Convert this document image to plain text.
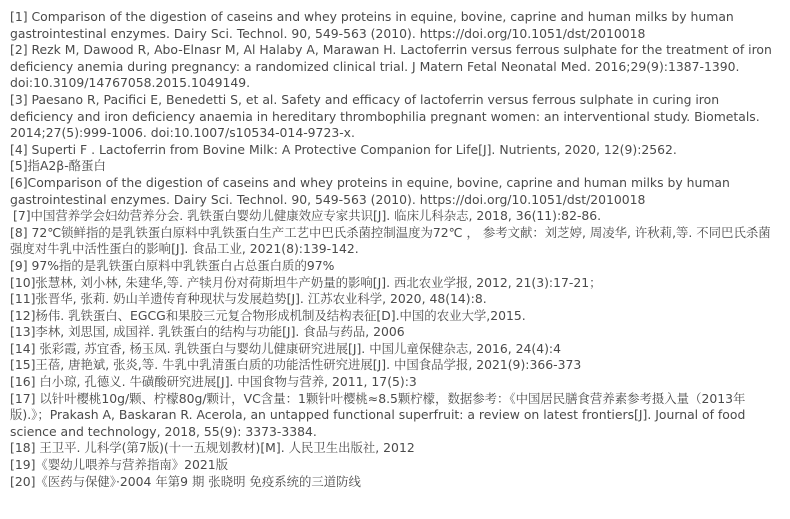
[1] Comparison of the digestion of caseins and whey proteins in equine, bovine, caprine and human milks by human gastrointestinal enzymes. Dairy Sci. Technol. 90, 549-563 (2010). https://doi.org/10.1051/dst/2010018

[2] Rezk M, Dawood R, Abo-Elnasr M, Al Halaby A, Marawan H. Lactoferrin versus ferrous sulphate for the treatment of iron deficiency anemia during pregnancy: a randomized clinical trial. J Matern Fetal Neonatal Med. 2016;29(9):1387-1390. doi:10.3109/14767058.2015.1049149.

[3] Paesano R, Pacifici E, Benedetti S, et al. Safety and efficacy of lactoferrin versus ferrous sulphate in curing iron deficiency and iron deficiency anaemia in hereditary thrombophilia pregnant women: an interventional study. Biometals. 2014;27(5):999-1006. doi:10.1007/s10534-014-9723-x.

[4] Superti F . Lactoferrin from Bovine Milk: A Protective Companion for Life[J]. Nutrients, 2020, 12(9):2562.

[5]指A2β-酪蛋白

[6]Comparison of the digestion of caseins and whey proteins in equine, bovine, caprine and human milks by human gastrointestinal enzymes. Dairy Sci. Technol. 90, 549-563 (2010). https://doi.org/10.1051/dst/2010018

[7]中国营养学会妇幼营养分会. 乳铁蛋白婴幼儿健康效应专家共识[J]. 临床儿科杂志, 2018, 36(11):82-86.

[8] 72℃锁鲜指的是乳铁蛋白原料中乳铁蛋白生产工艺中巴氏杀菌控制温度为72℃ ， 参考文献：刘芝婷, 周凌华, 许秋莉,等. 不同巴氏杀菌强度对牛乳中活性蛋白的影响[J]. 食品工业, 2021(8):139-142.

[9] 97%指的是乳铁蛋白原料中乳铁蛋白占总蛋白质的97%

[10]张慧林, 刘小林, 朱建华,等. 产犊月份对荷斯坦牛产奶量的影响[J]. 西北农业学报, 2012, 21(3):17-21；

[11]张晋华, 张莉. 奶山羊遗传育种现状与发展趋势[J]. 江苏农业科学, 2020, 48(14):8.

[12]杨伟. 乳铁蛋白、EGCG和果胶三元复合物形成机制及结构表征[D].中国的农业大学,2015.

[13]李林, 刘思国, 成国祥. 乳铁蛋白的结构与功能[J]. 食品与药品, 2006

[14] 张彩霞, 苏宜香, 杨玉凤. 乳铁蛋白与婴幼儿健康研究进展[J]. 中国儿童保健杂志, 2016, 24(4):4

[15]王蓓, 唐艳斌, 张炎,等. 牛乳中乳清蛋白质的功能活性研究进展[J]. 中国食品学报, 2021(9):366-373

[16] 白小琼, 孔德义. 牛磺酸研究进展[J]. 中国食物与营养, 2011, 17(5):3

[17] 以针叶樱桃10g/颗、柠檬80g/颗计，VC含量：1颗针叶樱桃≈8.5颗柠檬，数据参考：《中国居民膳食营养素参考摄入量（2013年版).》；Prakash A, Baskaran R. Acerola, an untapped functional superfruit: a review on latest frontiers[J]. Journal of food science and technology, 2018, 55(9): 3373-3384.

[18] 王卫平. 儿科学(第7版)(十一五规划教材)[M]. 人民卫生出版社, 2012

[19]《婴幼儿喂养与营养指南》2021版

[20]《医药与保健》·2004 年第9 期 张晓明 免疫系统的三道防线
